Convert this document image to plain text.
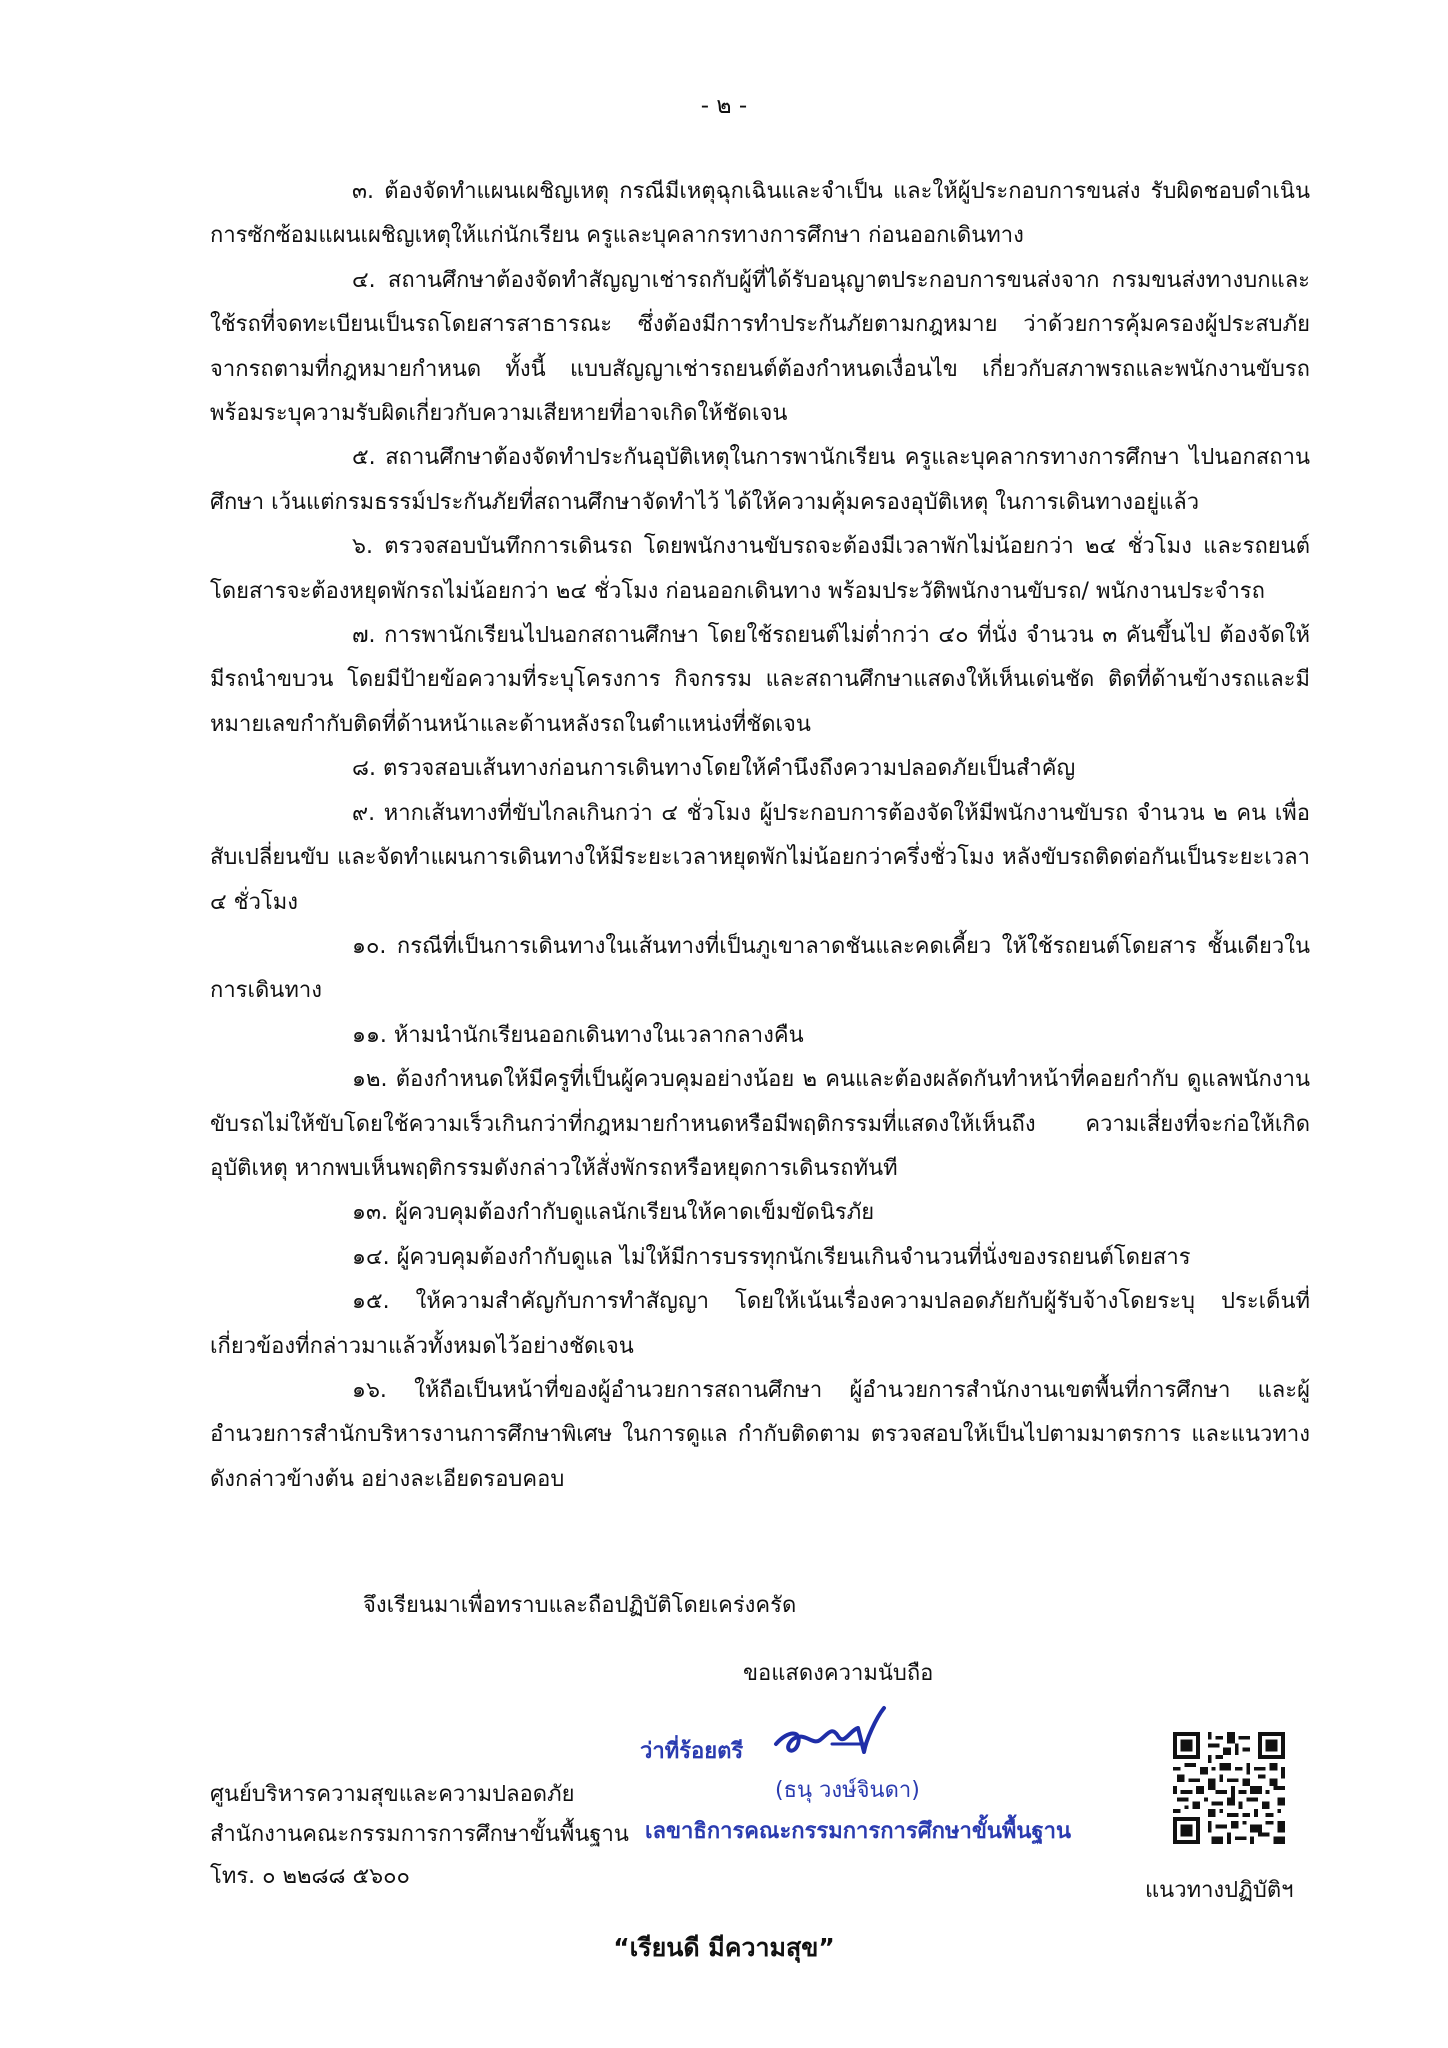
- ๒ -

๓. ต้องจัดทำแผนเผชิญเหตุ กรณีมีเหตุฉุกเฉินและจำเป็น และให้ผู้ประกอบการขนส่ง รับผิดชอบดำเนินการซักซ้อมแผนเผชิญเหตุให้แก่นักเรียน ครูและบุคลากรทางการศึกษา ก่อนออกเดินทาง

๔. สถานศึกษาต้องจัดทำสัญญาเช่ารถกับผู้ที่ได้รับอนุญาตประกอบการขนส่งจาก กรมขนส่งทางบกและใช้รถที่จดทะเบียนเป็นรถโดยสารสาธารณะ ซึ่งต้องมีการทำประกันภัยตามกฎหมาย ว่าด้วยการคุ้มครองผู้ประสบภัยจากรถตามที่กฎหมายกำหนด ทั้งนี้ แบบสัญญาเช่ารถยนต์ต้องกำหนดเงื่อนไข เกี่ยวกับสภาพรถและพนักงานขับรถ พร้อมระบุความรับผิดเกี่ยวกับความเสียหายที่อาจเกิดให้ชัดเจน

๕. สถานศึกษาต้องจัดทำประกันอุบัติเหตุในการพานักเรียน ครูและบุคลากรทางการศึกษา ไปนอกสถานศึกษา เว้นแต่กรมธรรม์ประกันภัยที่สถานศึกษาจัดทำไว้ ได้ให้ความคุ้มครองอุบัติเหตุ ในการเดินทางอยู่แล้ว

๖. ตรวจสอบบันทึกการเดินรถ โดยพนักงานขับรถจะต้องมีเวลาพักไม่น้อยกว่า ๒๔ ชั่วโมง และรถยนต์โดยสารจะต้องหยุดพักรถไม่น้อยกว่า ๒๔ ชั่วโมง ก่อนออกเดินทาง พร้อมประวัติพนักงานขับรถ/ พนักงานประจำรถ

๗. การพานักเรียนไปนอกสถานศึกษา โดยใช้รถยนต์ไม่ต่ำกว่า ๔๐ ที่นั่ง จำนวน ๓ คันขึ้นไป ต้องจัดให้มีรถนำขบวน โดยมีป้ายข้อความที่ระบุโครงการ กิจกรรม และสถานศึกษาแสดงให้เห็นเด่นชัด ติดที่ด้านข้างรถและมีหมายเลขกำกับติดที่ด้านหน้าและด้านหลังรถในตำแหน่งที่ชัดเจน

๘. ตรวจสอบเส้นทางก่อนการเดินทางโดยให้คำนึงถึงความปลอดภัยเป็นสำคัญ

๙. หากเส้นทางที่ขับไกลเกินกว่า ๔ ชั่วโมง ผู้ประกอบการต้องจัดให้มีพนักงานขับรถ จำนวน ๒ คน เพื่อสับเปลี่ยนขับ และจัดทำแผนการเดินทางให้มีระยะเวลาหยุดพักไม่น้อยกว่าครึ่งชั่วโมง หลังขับรถติดต่อกันเป็นระยะเวลา ๔ ชั่วโมง

๑๐. กรณีที่เป็นการเดินทางในเส้นทางที่เป็นภูเขาลาดชันและคดเคี้ยว ให้ใช้รถยนต์โดยสาร ชั้นเดียวในการเดินทาง

๑๑. ห้ามนำนักเรียนออกเดินทางในเวลากลางคืน

๑๒. ต้องกำหนดให้มีครูที่เป็นผู้ควบคุมอย่างน้อย ๒ คนและต้องผลัดกันทำหน้าที่คอยกำกับ ดูแลพนักงานขับรถไม่ให้ขับโดยใช้ความเร็วเกินกว่าที่กฎหมายกำหนดหรือมีพฤติกรรมที่แสดงให้เห็นถึง ความเสี่ยงที่จะก่อให้เกิดอุบัติเหตุ หากพบเห็นพฤติกรรมดังกล่าวให้สั่งพักรถหรือหยุดการเดินรถทันที

๑๓. ผู้ควบคุมต้องกำกับดูแลนักเรียนให้คาดเข็มขัดนิรภัย

๑๔. ผู้ควบคุมต้องกำกับดูแล ไม่ให้มีการบรรทุกนักเรียนเกินจำนวนที่นั่งของรถยนต์โดยสาร

๑๕. ให้ความสำคัญกับการทำสัญญา โดยให้เน้นเรื่องความปลอดภัยกับผู้รับจ้างโดยระบุ ประเด็นที่เกี่ยวข้องที่กล่าวมาแล้วทั้งหมดไว้อย่างชัดเจน

๑๖. ให้ถือเป็นหน้าที่ของผู้อำนวยการสถานศึกษา ผู้อำนวยการสำนักงานเขตพื้นที่การศึกษา และผู้อำนวยการสำนักบริหารงานการศึกษาพิเศษ ในการดูแล กำกับติดตาม ตรวจสอบให้เป็นไปตามมาตรการ และแนวทางดังกล่าวข้างต้น อย่างละเอียดรอบคอบ

จึงเรียนมาเพื่อทราบและถือปฏิบัติโดยเคร่งครัด
ขอแสดงความนับถือ
ว่าที่ร้อยตรี
(ธนุ วงษ์จินดา)
เลขาธิการคณะกรรมการการศึกษาขั้นพื้นฐาน
ศูนย์บริหารความสุขและความปลอดภัย
สำนักงานคณะกรรมการการศึกษาขั้นพื้นฐาน
โทร. ๐ ๒๒๘๘ ๕๖๐๐
แนวทางปฏิบัติฯ
“เรียนดี มีความสุข”
